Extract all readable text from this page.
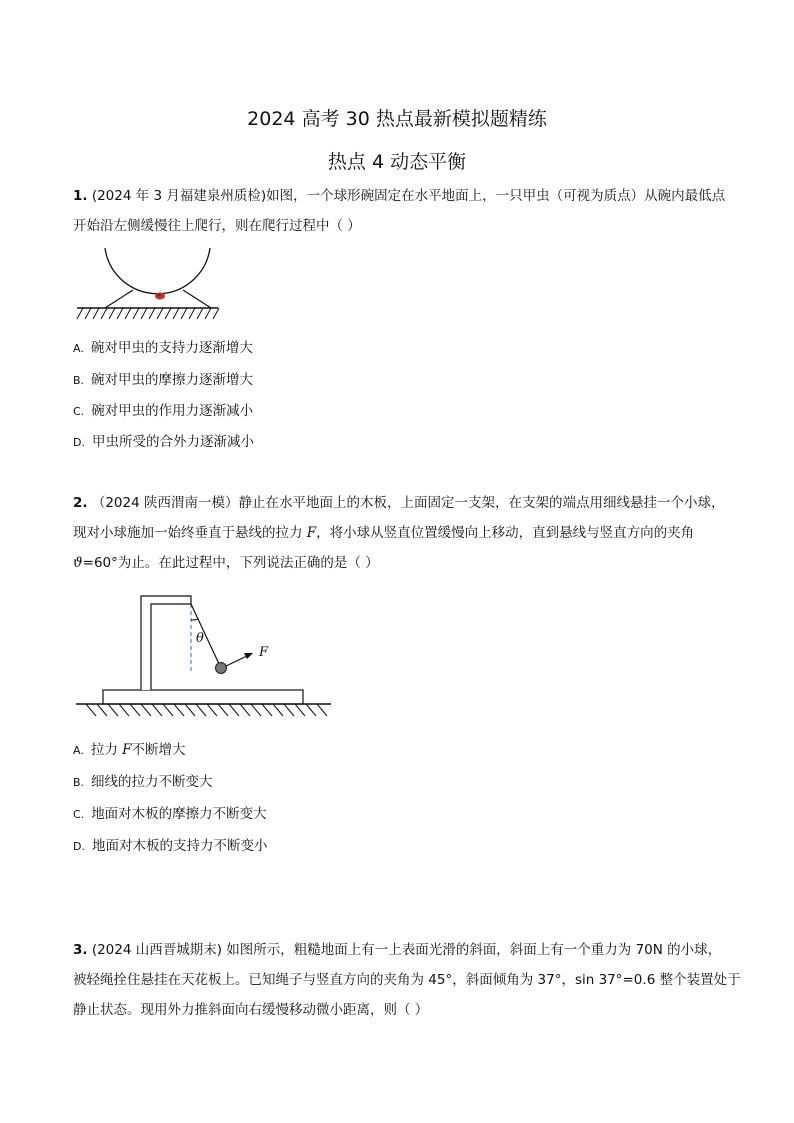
2024 高考 30 热点最新模拟题精练
热点 4 动态平衡
1. (2024 年 3 月福建泉州质检)如图，一个球形碗固定在水平地面上，一只甲虫（可视为质点）从碗内最低点
开始沿左侧缓慢往上爬行，则在爬行过程中（ ）
A. 碗对甲虫的支持力逐渐增大
B. 碗对甲虫的摩擦力逐渐增大
C. 碗对甲虫的作用力逐渐减小
D. 甲虫所受的合外力逐渐减小
2. （2024 陕西渭南一模）静止在水平地面上的木板，上面固定一支架，在支架的端点用细线悬挂一个小球，
现对小球施加一始终垂直于悬线的拉力 F，将小球从竖直位置缓慢向上移动，直到悬线与竖直方向的夹角
ϑ=60°为止。在此过程中，下列说法正确的是（ ）
θ
F
A. 拉力 F不断增大
B. 细线的拉力不断变大
C. 地面对木板的摩擦力不断变大
D. 地面对木板的支持力不断变小
3. (2024 山西晋城期末) 如图所示，粗糙地面上有一上表面光滑的斜面，斜面上有一个重力为 70N 的小球，
被轻绳拴住悬挂在天花板上。已知绳子与竖直方向的夹角为 45°，斜面倾角为 37°，sin 37°=0.6 整个装置处于
静止状态。现用外力推斜面向右缓慢移动微小距离，则（ ）
